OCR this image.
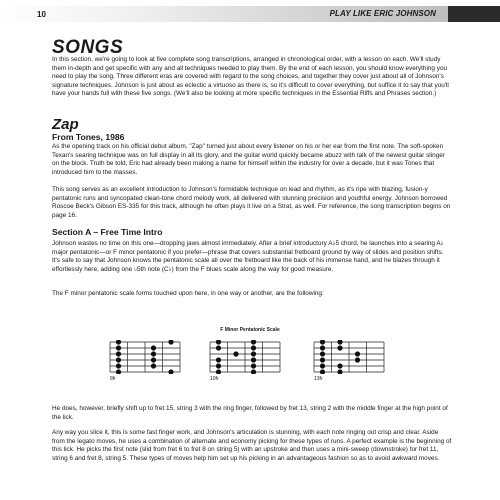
10	PLAY LIKE ERIC JOHNSON
SONGS

In this section, we're going to look at five complete song transcriptions, arranged in chronological order, with a lesson on each. We'll study them in-depth and get specific with any and all techniques needed to play them. By the end of each lesson, you should know everything you need to play the song. Three different eras are covered with regard to the song choices, and together they cover just about all of Johnson's signature techniques. Johnson is just about as eclectic a virtuoso as there is, so it's difficult to cover everything, but suffice it to say that you'll have your hands full with these five songs. (We'll also be looking at more specific techniques in the Essential Riffs and Phrases section.)

Zap
From Tones, 1986

As the opening track on his official debut album, "Zap" turned just about every listener on his or her ear from the first note. The soft-spoken Texan's searing technique was on full display in all its glory, and the guitar world quickly became abuzz with talk of the newest guitar slinger on the block. Truth be told, Eric had already been making a name for himself within the industry for over a decade, but it was Tones that introduced him to the masses.

This song serves as an excellent introduction to Johnson's formidable technique on lead and rhythm, as it's ripe with blazing, fusion-y pentatonic runs and syncopated clean-tone chord melody work, all delivered with stunning precision and youthful energy. Johnson borrowed Roscoe Beck's Gibson ES-335 for this track, although he often plays it live on a Strat, as well. For reference, the song transcription begins on page 16.

Section A – Free Time Intro

Johnson wastes no time on this one—dropping jaws almost immediately. After a brief introductory A♭5 chord, he launches into a searing A♭ major pentatonic—or F minor pentatonic if you prefer—phrase that covers substantial fretboard ground by way of slides and position shifts. It's safe to say that Johnson knows the pentatonic scale all over the fretboard like the back of his immense hand, and he blazes through it effortlessly here, adding one ♭5th note (C♭) from the F blues scale along the way for good measure.

The F minor pentatonic scale forms touched upon here, in one way or another, are the following:

F Minor Pentatonic Scale
8fr	10fr	13fr

He does, however, briefly shift up to fret 15, string 3 with the ring finger, followed by fret 13, string 2 with the middle finger at the high point of the lick.

Any way you slice it, this is some fast finger work, and Johnson's articulation is stunning, with each note ringing out crisp and clear. Aside from the legato moves, he uses a combination of alternate and economy picking for these types of runs. A perfect example is the beginning of this lick. He picks the first note (slid from fret 6 to fret 8 on string 5) with an upstroke and then uses a mini-sweep (downstroke) for fret 11, string 6 and fret 8, string 5. These types of moves help him set up his picking in an advantageous fashion so as to avoid awkward moves.
